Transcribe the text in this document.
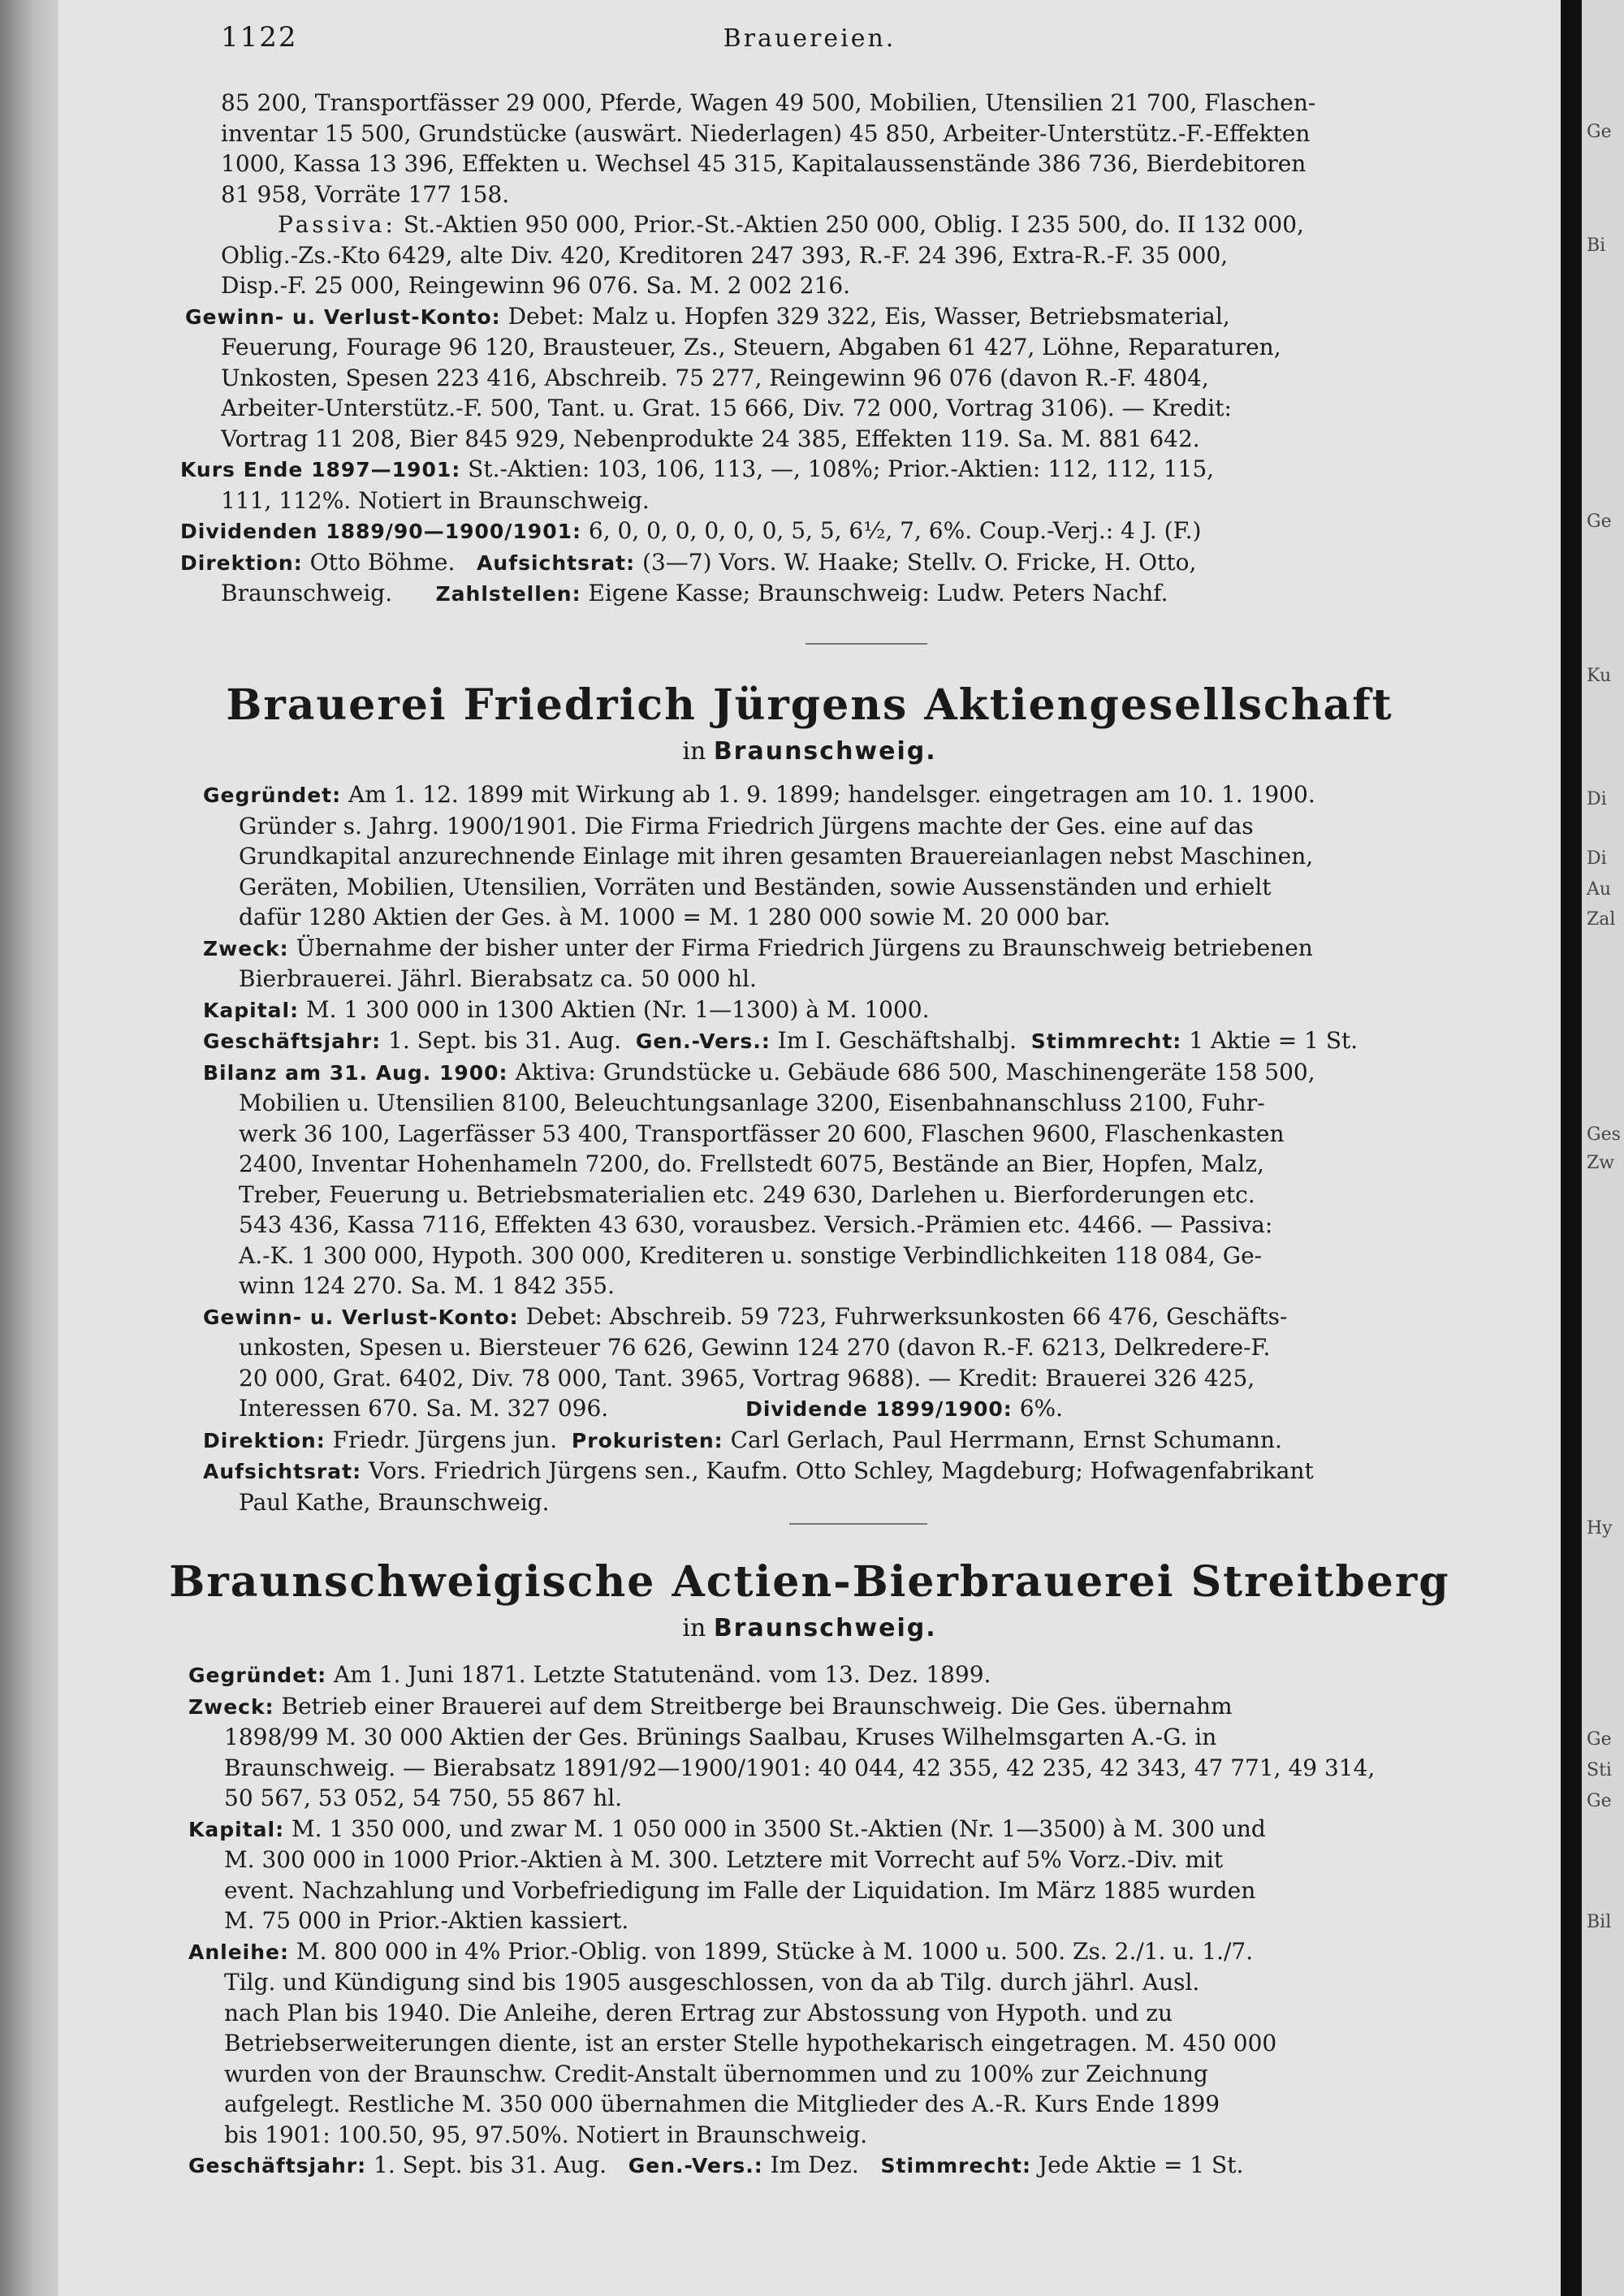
1122	Brauereien.
85 200, Transportfässer 29 000, Pferde, Wagen 49 500, Mobilien, Utensilien 21 700, Flaschen-
inventar 15 500, Grundstücke (auswärt. Niederlagen) 45 850, Arbeiter-Unterstütz.-F.-Effekten
1000, Kassa 13 396, Effekten u. Wechsel 45 315, Kapitalaussenstände 386 736, Bierdebitoren
81 958, Vorräte 177 158.
Passiva: St.-Aktien 950 000, Prior.-St.-Aktien 250 000, Oblig. I 235 500, do. II 132 000,
Oblig.-Zs.-Kto 6429, alte Div. 420, Kreditoren 247 393, R.-F. 24 396, Extra-R.-F. 35 000,
Disp.-F. 25 000, Reingewinn 96 076. Sa. M. 2 002 216.
Gewinn- u. Verlust-Konto: Debet: Malz u. Hopfen 329 322, Eis, Wasser, Betriebsmaterial,
Feuerung, Fourage 96 120, Brausteuer, Zs., Steuern, Abgaben 61 427, Löhne, Reparaturen,
Unkosten, Spesen 223 416, Abschreib. 75 277, Reingewinn 96 076 (davon R.-F. 4804,
Arbeiter-Unterstütz.-F. 500, Tant. u. Grat. 15 666, Div. 72 000, Vortrag 3106). — Kredit:
Vortrag 11 208, Bier 845 929, Nebenprodukte 24 385, Effekten 119. Sa. M. 881 642.
Kurs Ende 1897—1901: St.-Aktien: 103, 106, 113, —, 108%; Prior.-Aktien: 112, 112, 115,
111, 112%. Notiert in Braunschweig.
Dividenden 1889/90—1900/1901: 6, 0, 0, 0, 0, 0, 0, 5, 5, 6½, 7, 6%. Coup.-Verj.: 4 J. (F.)
Direktion: Otto Böhme. Aufsichtsrat: (3—7) Vors. W. Haake; Stellv. O. Fricke, H. Otto,
Braunschweig. Zahlstellen: Eigene Kasse; Braunschweig: Ludw. Peters Nachf.
Brauerei Friedrich Jürgens Aktiengesellschaft
in Braunschweig.
Gegründet: Am 1. 12. 1899 mit Wirkung ab 1. 9. 1899; handelsger. eingetragen am 10. 1. 1900.
Gründer s. Jahrg. 1900/1901. Die Firma Friedrich Jürgens machte der Ges. eine auf das
Grundkapital anzurechnende Einlage mit ihren gesamten Brauereianlagen nebst Maschinen,
Geräten, Mobilien, Utensilien, Vorräten und Beständen, sowie Aussenständen und erhielt
dafür 1280 Aktien der Ges. à M. 1000 = M. 1 280 000 sowie M. 20 000 bar.
Zweck: Übernahme der bisher unter der Firma Friedrich Jürgens zu Braunschweig betriebenen
Bierbrauerei. Jährl. Bierabsatz ca. 50 000 hl.
Kapital: M. 1 300 000 in 1300 Aktien (Nr. 1—1300) à M. 1000.
Geschäftsjahr: 1. Sept. bis 31. Aug. Gen.-Vers.: Im I. Geschäftshalbj. Stimmrecht: 1 Aktie = 1 St.
Bilanz am 31. Aug. 1900: Aktiva: Grundstücke u. Gebäude 686 500, Maschinengeräte 158 500,
Mobilien u. Utensilien 8100, Beleuchtungsanlage 3200, Eisenbahnanschluss 2100, Fuhr-
werk 36 100, Lagerfässer 53 400, Transportfässer 20 600, Flaschen 9600, Flaschenkasten
2400, Inventar Hohenhameln 7200, do. Frellstedt 6075, Bestände an Bier, Hopfen, Malz,
Treber, Feuerung u. Betriebsmaterialien etc. 249 630, Darlehen u. Bierforderungen etc.
543 436, Kassa 7116, Effekten 43 630, vorausbez. Versich.-Prämien etc. 4466. — Passiva:
A.-K. 1 300 000, Hypoth. 300 000, Krediteren u. sonstige Verbindlichkeiten 118 084, Ge-
winn 124 270. Sa. M. 1 842 355.
Gewinn- u. Verlust-Konto: Debet: Abschreib. 59 723, Fuhrwerksunkosten 66 476, Geschäfts-
unkosten, Spesen u. Biersteuer 76 626, Gewinn 124 270 (davon R.-F. 6213, Delkredere-F.
20 000, Grat. 6402, Div. 78 000, Tant. 3965, Vortrag 9688). — Kredit: Brauerei 326 425,
Interessen 670. Sa. M. 327 096.	Dividende 1899/1900: 6%.
Direktion: Friedr. Jürgens jun. Prokuristen: Carl Gerlach, Paul Herrmann, Ernst Schumann.
Aufsichtsrat: Vors. Friedrich Jürgens sen., Kaufm. Otto Schley, Magdeburg; Hofwagenfabrikant
Paul Kathe, Braunschweig.
Braunschweigische Actien-Bierbrauerei Streitberg
in Braunschweig.
Gegründet: Am 1. Juni 1871. Letzte Statutenänd. vom 13. Dez. 1899.
Zweck: Betrieb einer Brauerei auf dem Streitberge bei Braunschweig. Die Ges. übernahm
1898/99 M. 30 000 Aktien der Ges. Brünings Saalbau, Kruses Wilhelmsgarten A.-G. in
Braunschweig. — Bierabsatz 1891/92—1900/1901: 40 044, 42 355, 42 235, 42 343, 47 771, 49 314,
50 567, 53 052, 54 750, 55 867 hl.
Kapital: M. 1 350 000, und zwar M. 1 050 000 in 3500 St.-Aktien (Nr. 1—3500) à M. 300 und
M. 300 000 in 1000 Prior.-Aktien à M. 300. Letztere mit Vorrecht auf 5% Vorz.-Div. mit
event. Nachzahlung und Vorbefriedigung im Falle der Liquidation. Im März 1885 wurden
M. 75 000 in Prior.-Aktien kassiert.
Anleihe: M. 800 000 in 4% Prior.-Oblig. von 1899, Stücke à M. 1000 u. 500. Zs. 2./1. u. 1./7.
Tilg. und Kündigung sind bis 1905 ausgeschlossen, von da ab Tilg. durch jährl. Ausl.
nach Plan bis 1940. Die Anleihe, deren Ertrag zur Abstossung von Hypoth. und zu
Betriebserweiterungen diente, ist an erster Stelle hypothekarisch eingetragen. M. 450 000
wurden von der Braunschw. Credit-Anstalt übernommen und zu 100% zur Zeichnung
aufgelegt. Restliche M. 350 000 übernahmen die Mitglieder des A.-R. Kurs Ende 1899
bis 1901: 100.50, 95, 97.50%. Notiert in Braunschweig.
Geschäftsjahr: 1. Sept. bis 31. Aug. Gen.-Vers.: Im Dez. Stimmrecht: Jede Aktie = 1 St.
Ge
Bi
Ge
Ku
Di
Di
Au
Zal
Ges
Zw
Hy
Ge
Sti
Ge
Bil
